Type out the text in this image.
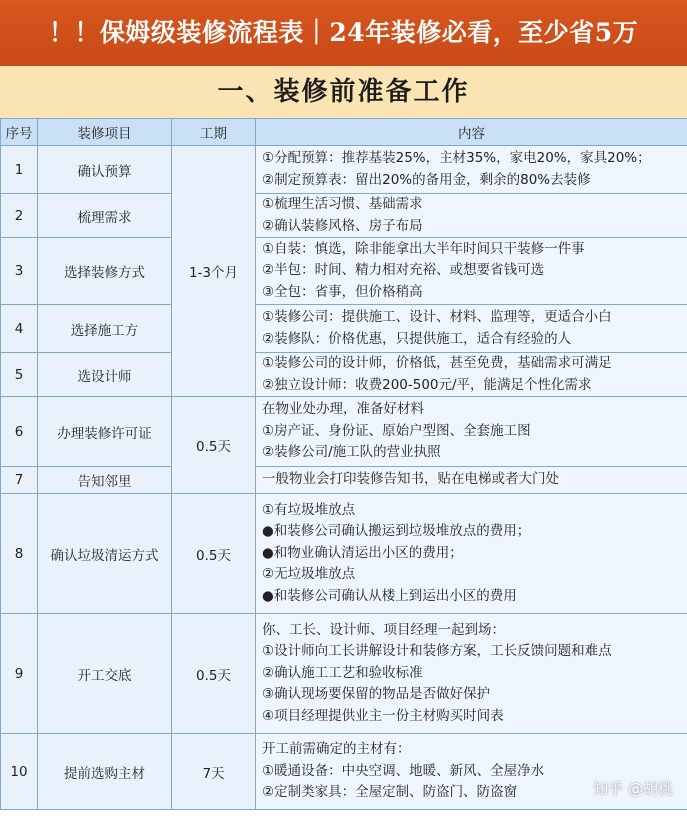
！！保姆级装修流程表｜24年装修必看，至少省5万
一、装修前准备工作
序号	装修项目	工期	内容
1	确认预算	1-3个月	①分配预算：推荐基装25%，主材35%，家电20%，家具20%；
②制定预算表：留出20%的备用金，剩余的80%去装修

2	梳理需求		①梳理生活习惯、基础需求
②确认装修风格、房子布局

3	选择装修方式		①自装：慎选，除非能拿出大半年时间只干装修一件事
②半包：时间、精力相对充裕、或想要省钱可选
③全包：省事，但价格稍高

4	选择施工方		①装修公司：提供施工、设计、材料、监理等，更适合小白
②装修队：价格优惠，只提供施工，适合有经验的人

5	选设计师		①装修公司的设计师，价格低，甚至免费，基础需求可满足
②独立设计师：收费200-500元/平，能满足个性化需求

6	办理装修许可证	0.5天	在物业处办理，准备好材料
①房产证、身份证、原始户型图、全套施工图
②装修公司/施工队的营业执照

7	告知邻里		一般物业会打印装修告知书，贴在电梯或者大门处

8	确认垃圾清运方式	0.5天	①有垃圾堆放点
●和装修公司确认搬运到垃圾堆放点的费用；
●和物业确认清运出小区的费用；
②无垃圾堆放点
●和装修公司确认从楼上到运出小区的费用

9	开工交底	0.5天	你、工长、设计师、项目经理一起到场：
①设计师向工长讲解设计和装修方案，工长反馈问题和难点
②确认施工工艺和验收标准
③确认现场要保留的物品是否做好保护
④项目经理提供业主一份主材购买时间表

10	提前选购主材	7天	开工前需确定的主材有：
①暖通设备：中央空调、地暖、新风、全屋净水
②定制类家具：全屋定制、防盗门、防盗窗	知乎 @胡桃
